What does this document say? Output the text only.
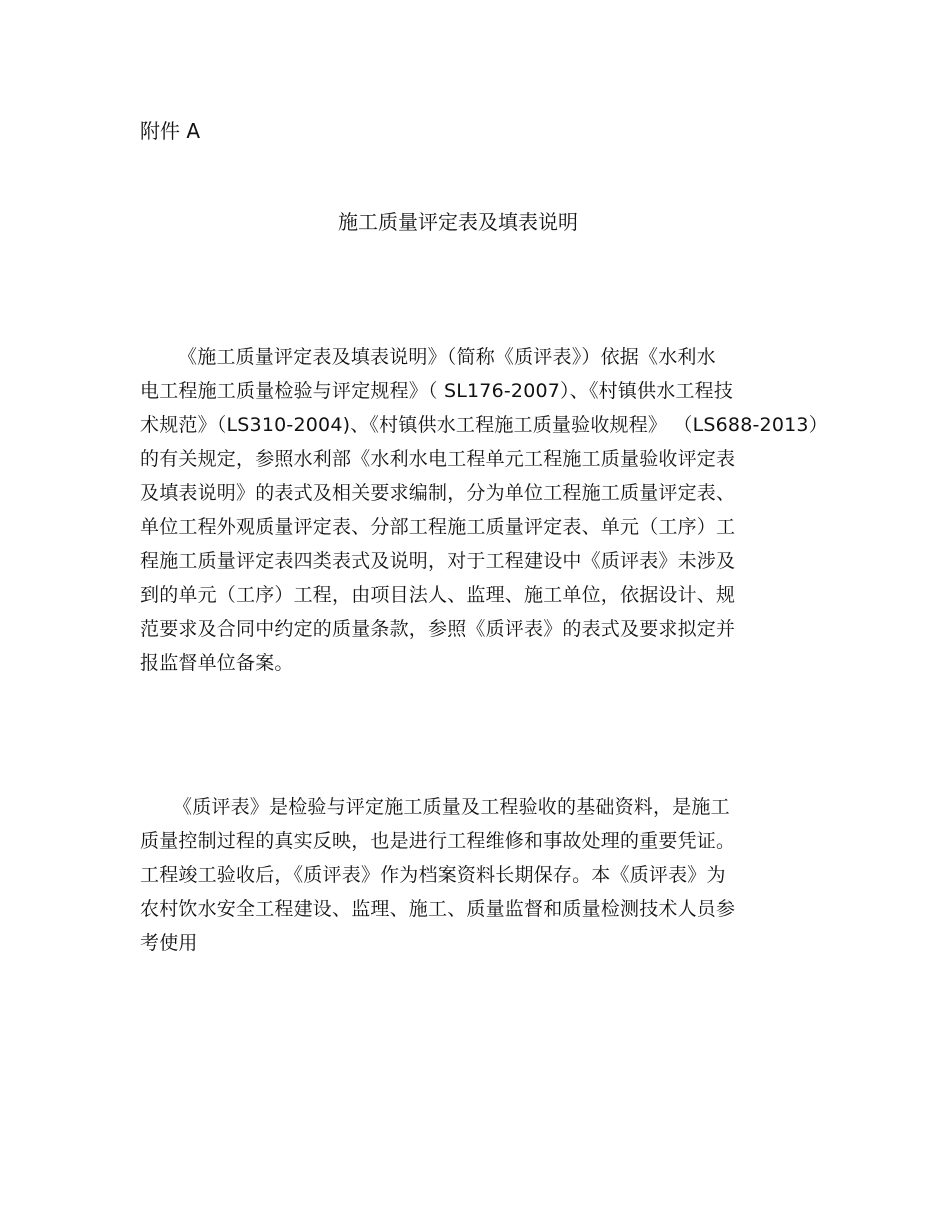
附件 A
施工质量评定表及填表说明
《施工质量评定表及填表说明》（简称《质评表》）依据《水利水
电工程施工质量检验与评定规程》（ SL176-2007）、《村镇供水工程技
术规范》（LS310-2004)、《村镇供水工程施工质量验收规程》 （LS688-2013）
的有关规定，参照水利部《水利水电工程单元工程施工质量验收评定表
及填表说明》的表式及相关要求编制，分为单位工程施工质量评定表、
单位工程外观质量评定表、分部工程施工质量评定表、单元（工序）工
程施工质量评定表四类表式及说明，对于工程建设中《质评表》未涉及
到的单元（工序）工程，由项目法人、监理、施工单位，依据设计、规
范要求及合同中约定的质量条款，参照《质评表》的表式及要求拟定并
报监督单位备案。
《质评表》是检验与评定施工质量及工程验收的基础资料，是施工
质量控制过程的真实反映，也是进行工程维修和事故处理的重要凭证。
工程竣工验收后，《质评表》作为档案资料长期保存。本《质评表》为
农村饮水安全工程建设、监理、施工、质量监督和质量检测技术人员参
考使用
